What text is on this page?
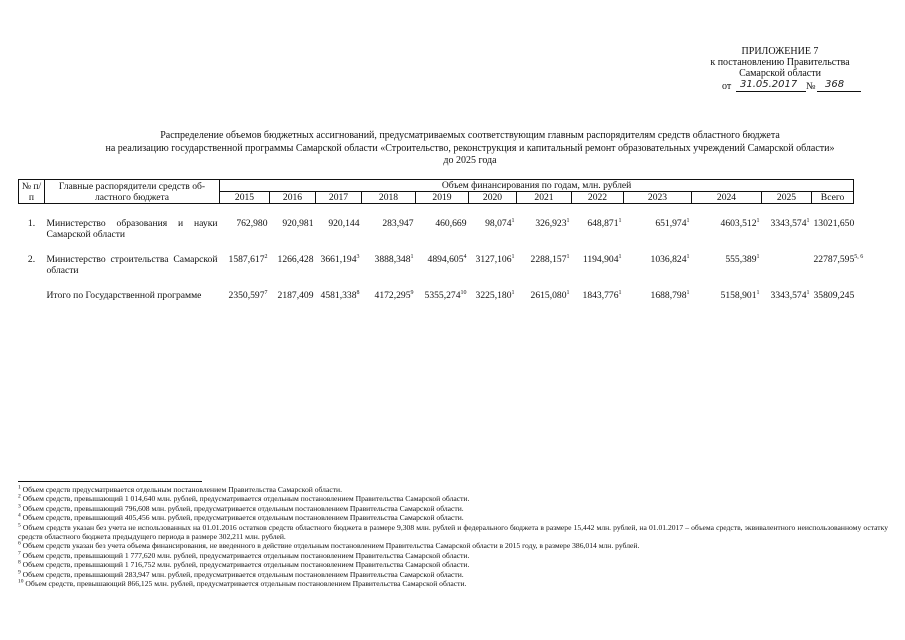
ПРИЛОЖЕНИЕ 7
к постановлению Правительства
Самарской области
от 31.05.2017 № 368
Распределение объемов бюджетных ассигнований, предусматриваемых соответствующим главным распорядителям средств областного бюджета
на реализацию государственной программы Самарской области «Строительство, реконструкция и капитальный ремонт образовательных учреждений Самарской области»
до 2025 года
№ п/п	Главные распорядители средств об- ластного бюджета	Объем финансирования по годам, млн. рублей											
		2015	2016	2017	2018	2019	2020	2021	2022	2023	2024	2025	Всего

1.	Министерство образования и науки Самарской области	762,980	920,981	920,144	283,947	460,669	98,074$^1$	326,923$^1$	648,871$^1$	651,974$^1$	4603,512$^1$	3343,574$^1$	13021,650

2.	Министерство строительства Самарской области	1587,617$^2$	1266,428	3661,194$^3$	3888,348$^1$	4894,605$^4$	3127,106$^1$	2288,157$^1$	1194,904$^1$	1036,824$^1$	555,389$^1$		22787,595$^{5, 6}$

	Итого по Государственной программе	2350,597$^7$	2187,409	4581,338$^8$	4172,295$^9$	5355,274$^{10}$	3225,180$^1$	2615,080$^1$	1843,776$^1$	1688,798$^1$	5158,901$^1$	3343,574$^1$	35809,245
$^1$ Объем средств предусматривается отдельным постановлением Правительства Самарской области.
$^2$ Объем средств, превышающий 1 014,640 млн. рублей, предусматривается отдельным постановлением Правительства Самарской области.
$^3$ Объем средств, превышающий 796,608 млн. рублей, предусматривается отдельным постановлением Правительства Самарской области.
$^4$ Объем средств, превышающий 405,456 млн. рублей, предусматривается отдельным постановлением Правительства Самарской области.
$^5$ Объем средств указан без учета не использованных на 01.01.2016 остатков средств областного бюджета в размере 9,308 млн. рублей и федерального бюджета в размере 15,442 млн. рублей, на 01.01.2017 – объема средств, эквивалентного неиспользованному остатку средств областного бюджета предыдущего периода в размере 302,211 млн. рублей.
$^6$ Объем средств указан без учета объема финансирования, не введенного в действие отдельным постановлением Правительства Самарской области в 2015 году, в размере 386,014 млн. рублей.
$^7$ Объем средств, превышающий 1 777,620 млн. рублей, предусматривается отдельным постановлением Правительства Самарской области.
$^8$ Объем средств, превышающий 1 716,752 млн. рублей, предусматривается отдельным постановлением Правительства Самарской области.
$^9$ Объем средств, превышающий 283,947 млн. рублей, предусматривается отдельным постановлением Правительства Самарской области.
$^{10}$ Объем средств, превышающий 866,125 млн. рублей, предусматривается отдельным постановлением Правительства Самарской области.
